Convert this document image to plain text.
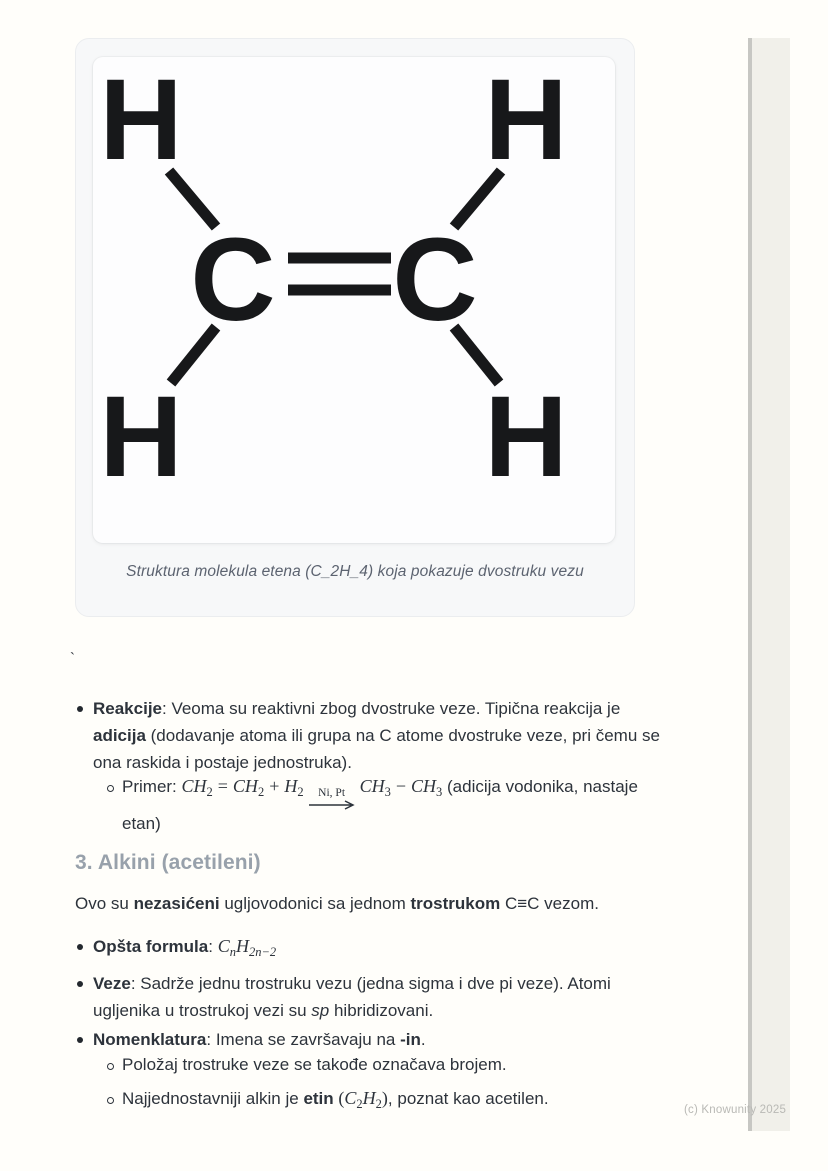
H	H
C C
H	H
Struktura molekula etena (C_2H_4) koja pokazuje dvostruku vezu
`
Reakcije: Veoma su reaktivni zbog dvostruke veze. Tipična reakcija je
adicija (dodavanje atoma ili grupa na C atome dvostruke veze, pri čemu se
ona raskida i postaje jednostruka).
Primer: $CH_2 = CH_2 + H_2$ Ni, Pt $CH_3 - CH_3$ (adicija vodonika, nastaje
etan)
3. Alkini (acetileni)

Ovo su nezasićeni ugljovodonici sa jednom trostrukom C≡C vezom.

Opšta formula: $C_nH_{2n-2}$
Veze: Sadrže jednu trostruku vezu (jedna sigma i dve pi veze). Atomi
ugljenika u trostrukoj vezi su sp hibridizovani.
Nomenklatura: Imena se završavaju na -in.
Položaj trostruke veze se takođe označava brojem.
Najjednostavniji alkin je etin $(C_2H_2)$, poznat kao acetilen.
(c) Knowunity 2025
